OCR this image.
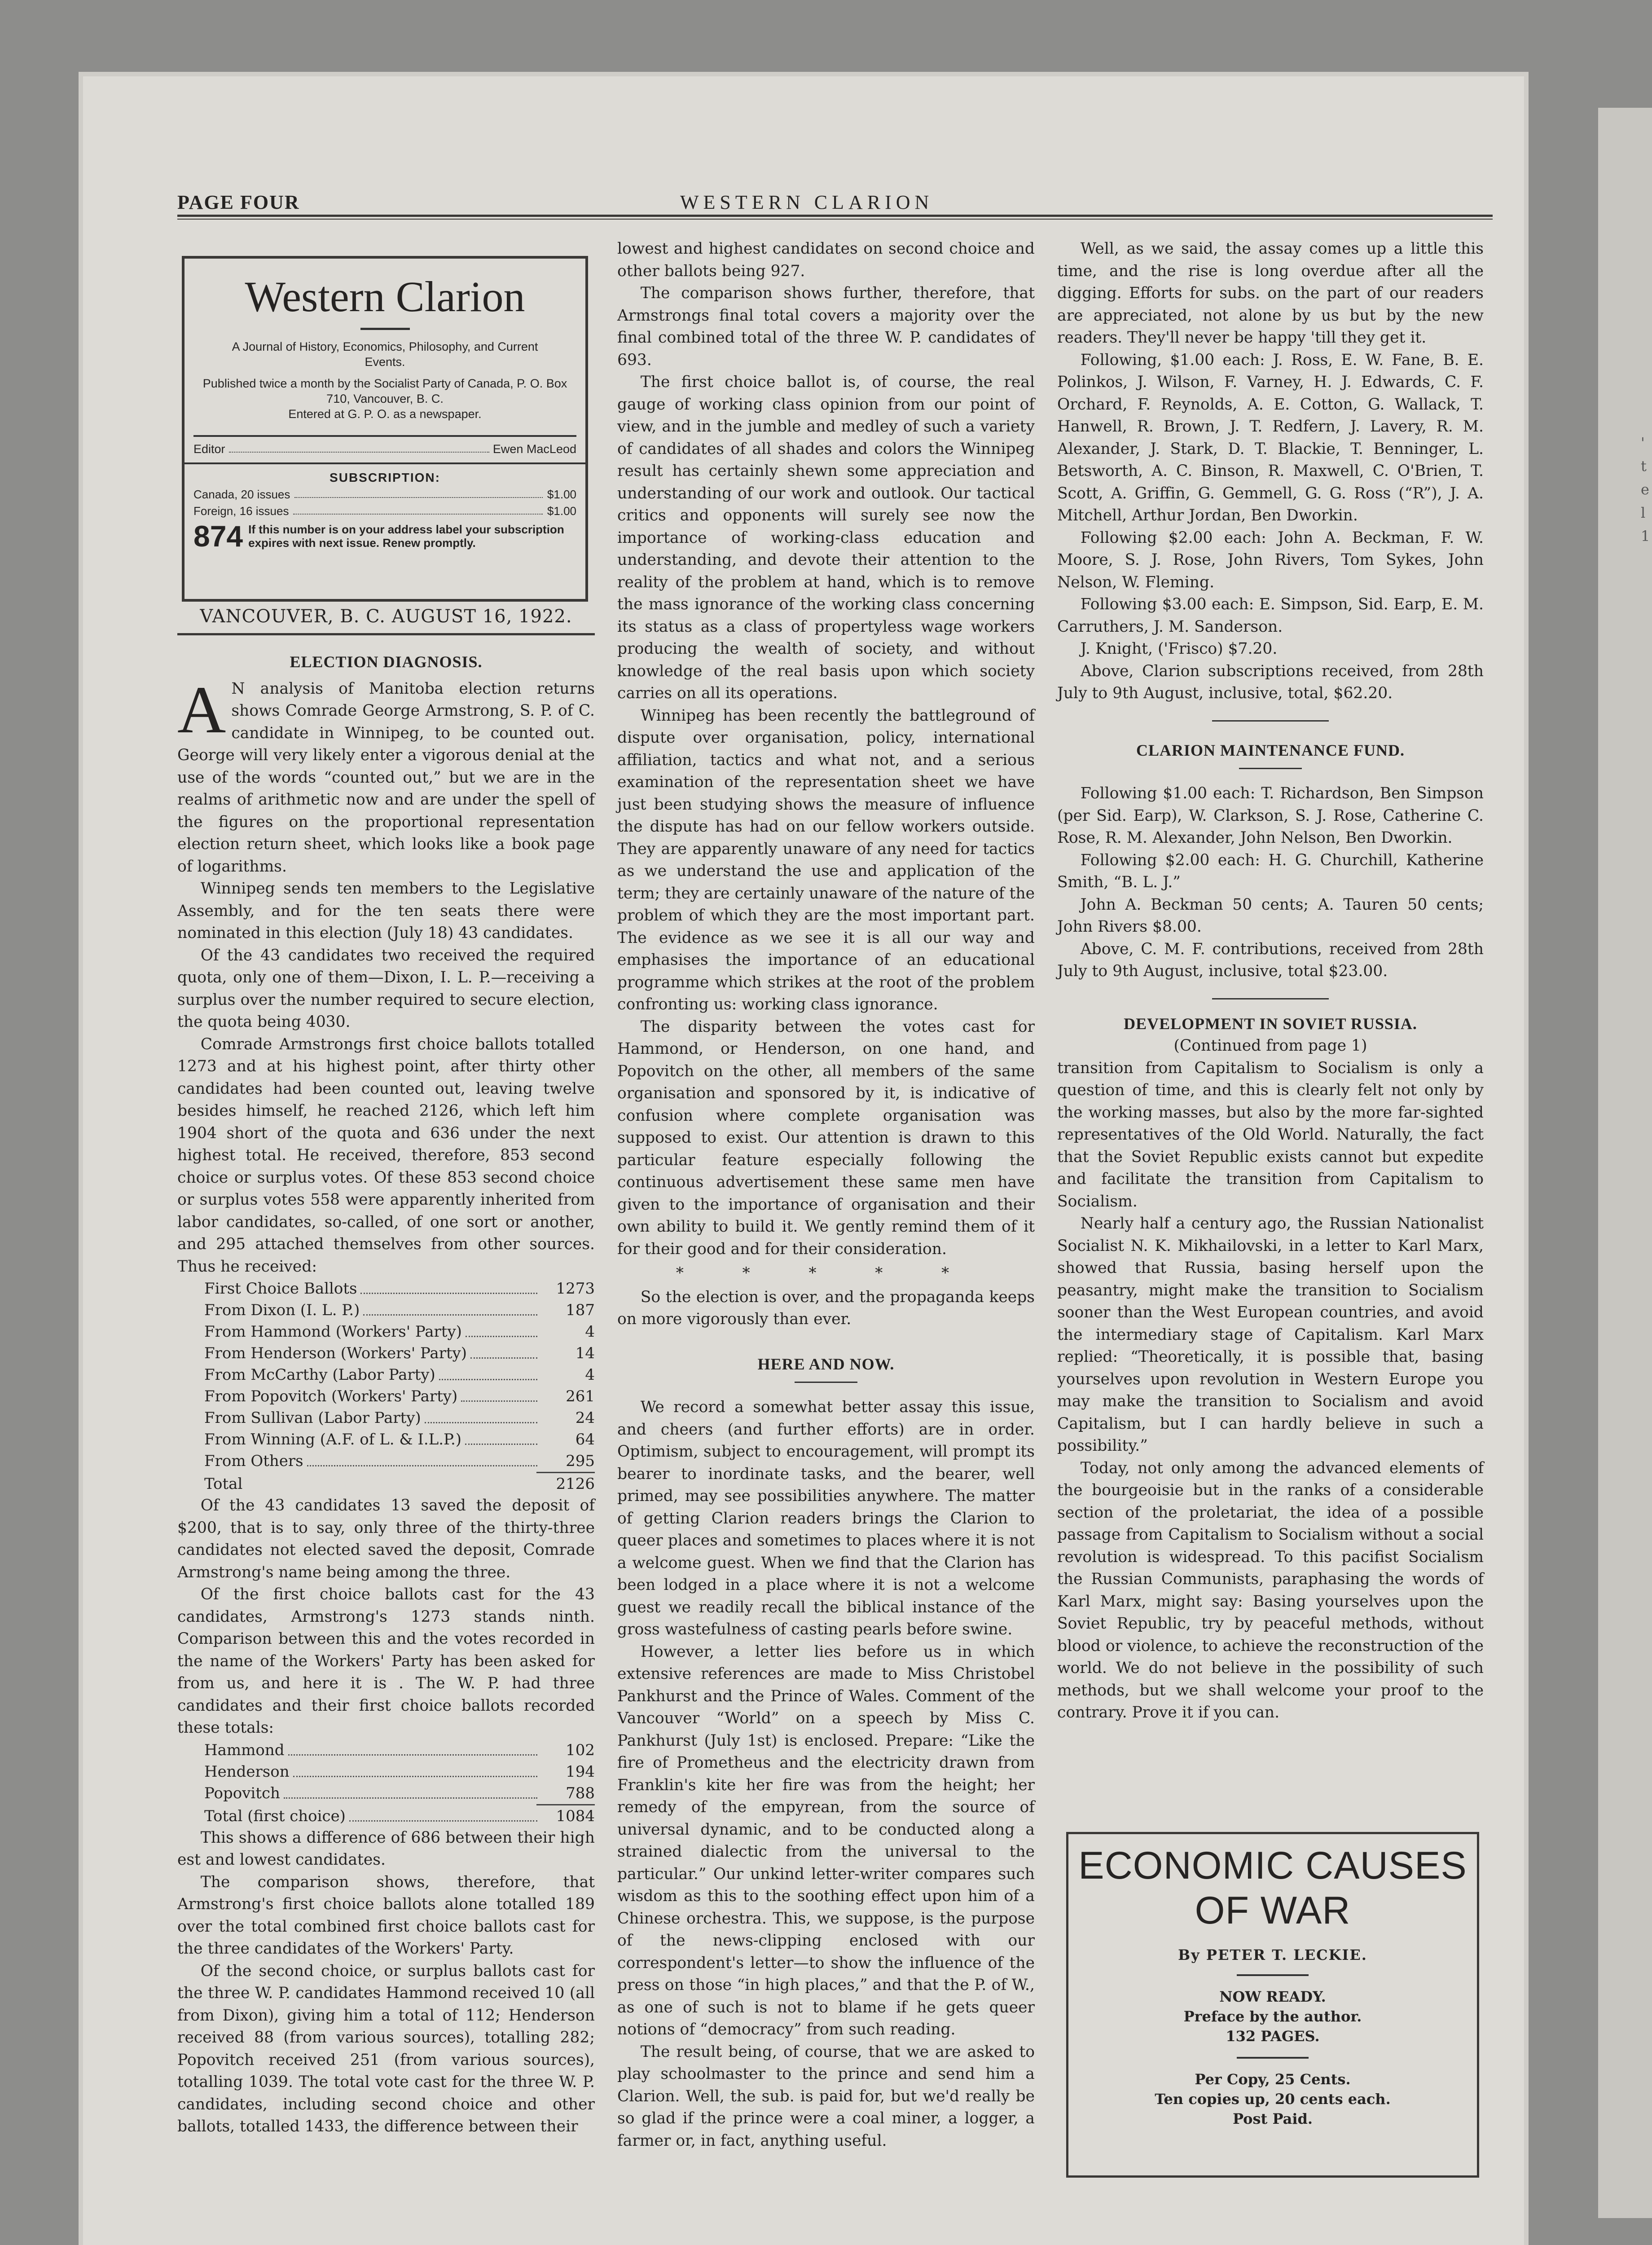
'
t
e
l
1
PAGE FOUR	WESTERN CLARION
Western Clarion
A Journal of History, Economics, Philosophy, and Current Events.
Published twice a month by the Socialist Party of Canada, P. O. Box 710, Vancouver, B. C.
Entered at G. P. O. as a newspaper.
Editor	Ewen MacLeod
SUBSCRIPTION:
Canada, 20 issues	$1.00
Foreign, 16 issues	$1.00
874 If this number is on your address label your subscription expires with next issue. Renew promptly.
VANCOUVER, B. C. AUGUST 16, 1922.
ELECTION DIAGNOSIS.

A N analysis of Manitoba election returns shows Comrade George Armstrong, S. P. of C. candidate in Winnipeg, to be counted out. George will very likely enter a vigorous denial at the use of the words “counted out,” but we are in the realms of arithmetic now and are under the spell of the figures on the proportional representation election return sheet, which looks like a book page of logarithms.

Winnipeg sends ten members to the Legislative Assembly, and for the ten seats there were nominated in this election (July 18) 43 candidates.

Of the 43 candidates two received the required quota, only one of them—Dixon, I. L. P.—receiving a surplus over the number required to secure election, the quota being 4030.

Comrade Armstrongs first choice ballots totalled 1273 and at his highest point, after thirty other candidates had been counted out, leaving twelve besides himself, he reached 2126, which left him 1904 short of the quota and 636 under the next highest total. He received, therefore, 853 second choice or surplus votes. Of these 853 second choice or surplus votes 558 were apparently inherited from labor candidates, so-called, of one sort or another, and 295 attached themselves from other sources. Thus he received:

First Choice Ballots	1273

From Dixon (I. L. P.)	187

From Hammond (Workers' Party)	4

From Henderson (Workers' Party)	14

From McCarthy (Labor Party)	4

From Popovitch (Workers' Party)	261

From Sullivan (Labor Party)	24

From Winning (A.F. of L. & I.L.P.)	64

From Others	295
Total	2126

Of the 43 candidates 13 saved the deposit of $200, that is to say, only three of the thirty-three candidates not elected saved the deposit, Comrade Armstrong's name being among the three.

Of the first choice ballots cast for the 43 candidates, Armstrong's 1273 stands ninth. Comparison between this and the votes recorded in the name of the Workers' Party has been asked for from us, and here it is . The W. P. had three candidates and their first choice ballots recorded these totals:

Hammond	102

Henderson	194

Popovitch	788
Total (first choice)	1084

This shows a difference of 686 between their high est and lowest candidates.

The comparison shows, therefore, that Armstrong's first choice ballots alone totalled 189 over the total combined first choice ballots cast for the three candidates of the Workers' Party.

Of the second choice, or surplus ballots cast for the three W. P. candidates Hammond received 10 (all from Dixon), giving him a total of 112; Henderson received 88 (from various sources), totalling 282; Popovitch received 251 (from various sources), totalling 1039. The total vote cast for the three W. P. candidates, including second choice and other ballots, totalled 1433, the difference between their

lowest and highest candidates on second choice and other ballots being 927.

The comparison shows further, therefore, that Armstrongs final total covers a majority over the final combined total of the three W. P. candidates of 693.

The first choice ballot is, of course, the real gauge of working class opinion from our point of view, and in the jumble and medley of such a variety of candidates of all shades and colors the Winnipeg result has certainly shewn some appreciation and understanding of our work and outlook. Our tactical critics and opponents will surely see now the importance of working-class education and understanding, and devote their attention to the reality of the problem at hand, which is to remove the mass ignorance of the working class concerning its status as a class of propertyless wage workers producing the wealth of society, and without knowledge of the real basis upon which society carries on all its operations.

Winnipeg has been recently the battleground of dispute over organisation, policy, international affiliation, tactics and what not, and a serious examination of the representation sheet we have just been studying shows the measure of influence the dispute has had on our fellow workers outside. They are apparently unaware of any need for tactics as we understand the use and application of the term; they are certainly unaware of the nature of the problem of which they are the most important part. The evidence as we see it is all our way and emphasises the importance of an educational programme which strikes at the root of the problem confronting us: working class ignorance.

The disparity between the votes cast for Hammond, or Henderson, on one hand, and Popovitch on the other, all members of the same organisation and sponsored by it, is indicative of confusion where complete organisation was supposed to exist. Our attention is drawn to this particular feature especially following the continuous advertisement these same men have given to the importance of organisation and their own ability to build it. We gently remind them of it for their good and for their consideration.

* * * * *

So the election is over, and the propaganda keeps on more vigorously than ever.

HERE AND NOW.

We record a somewhat better assay this issue, and cheers (and further efforts) are in order. Optimism, subject to encouragement, will prompt its bearer to inordinate tasks, and the bearer, well primed, may see possibilities anywhere. The matter of getting Clarion readers brings the Clarion to queer places and sometimes to places where it is not a welcome guest. When we find that the Clarion has been lodged in a place where it is not a welcome guest we readily recall the biblical instance of the gross wastefulness of casting pearls before swine.

However, a letter lies before us in which extensive references are made to Miss Christobel Pankhurst and the Prince of Wales. Comment of the Vancouver “World” on a speech by Miss C. Pankhurst (July 1st) is enclosed. Prepare: “Like the fire of Prometheus and the electricity drawn from Franklin's kite her fire was from the height; her remedy of the empyrean, from the source of universal dynamic, and to be conducted along a strained dialectic from the universal to the particular.” Our unkind letter-writer compares such wisdom as this to the soothing effect upon him of a Chinese orchestra. This, we suppose, is the purpose of the news-clipping enclosed with our correspondent's letter—to show the influence of the press on those “in high places,” and that the P. of W., as one of such is not to blame if he gets queer notions of “democracy” from such reading.

The result being, of course, that we are asked to play schoolmaster to the prince and send him a Clarion. Well, the sub. is paid for, but we'd really be so glad if the prince were a coal miner, a logger, a farmer or, in fact, anything useful.

Well, as we said, the assay comes up a little this time, and the rise is long overdue after all the digging. Efforts for subs. on the part of our readers are appreciated, not alone by us but by the new readers. They'll never be happy 'till they get it.

Following, $1.00 each: J. Ross, E. W. Fane, B. E. Polinkos, J. Wilson, F. Varney, H. J. Edwards, C. F. Orchard, F. Reynolds, A. E. Cotton, G. Wallack, T. Hanwell, R. Brown, J. T. Redfern, J. Lavery, R. M. Alexander, J. Stark, D. T. Blackie, T. Benninger, L. Betsworth, A. C. Binson, R. Maxwell, C. O'Brien, T. Scott, A. Griffin, G. Gemmell, G. G. Ross (“R”), J. A. Mitchell, Arthur Jordan, Ben Dworkin.

Following $2.00 each: John A. Beckman, F. W. Moore, S. J. Rose, John Rivers, Tom Sykes, John Nelson, W. Fleming.

Following $3.00 each: E. Simpson, Sid. Earp, E. M. Carruthers, J. M. Sanderson.

J. Knight, ('Frisco) $7.20.

Above, Clarion subscriptions received, from 28th July to 9th August, inclusive, total, $62.20.

CLARION MAINTENANCE FUND.

Following $1.00 each: T. Richardson, Ben Simpson (per Sid. Earp), W. Clarkson, S. J. Rose, Catherine C. Rose, R. M. Alexander, John Nelson, Ben Dworkin.

Following $2.00 each: H. G. Churchill, Katherine Smith, “B. L. J.”

John A. Beckman 50 cents; A. Tauren 50 cents; John Rivers $8.00.

Above, C. M. F. contributions, received from 28th July to 9th August, inclusive, total $23.00.

DEVELOPMENT IN SOVIET RUSSIA.
(Continued from page 1)

transition from Capitalism to Socialism is only a question of time, and this is clearly felt not only by the working masses, but also by the more far-sighted representatives of the Old World. Naturally, the fact that the Soviet Republic exists cannot but expedite and facilitate the transition from Capitalism to Socialism.

Nearly half a century ago, the Russian Nationalist Socialist N. K. Mikhailovski, in a letter to Karl Marx, showed that Russia, basing herself upon the peasantry, might make the transition to Socialism sooner than the West European countries, and avoid the intermediary stage of Capitalism. Karl Marx replied: “Theoretically, it is possible that, basing yourselves upon revolution in Western Europe you may make the transition to Socialism and avoid Capitalism, but I can hardly believe in such a possibility.”

Today, not only among the advanced elements of the bourgeoisie but in the ranks of a considerable section of the proletariat, the idea of a possible passage from Capitalism to Socialism without a social revolution is widespread. To this pacifist Socialism the Russian Communists, paraphasing the words of Karl Marx, might say: Basing yourselves upon the Soviet Republic, try by peaceful methods, without blood or violence, to achieve the reconstruction of the world. We do not believe in the possibility of such methods, but we shall welcome your proof to the contrary. Prove it if you can.

ECONOMIC CAUSES
OF WAR
By PETER T. LECKIE.
NOW READY.
Preface by the author.
132 PAGES.
Per Copy, 25 Cents.
Ten copies up, 20 cents each.
Post Paid.
